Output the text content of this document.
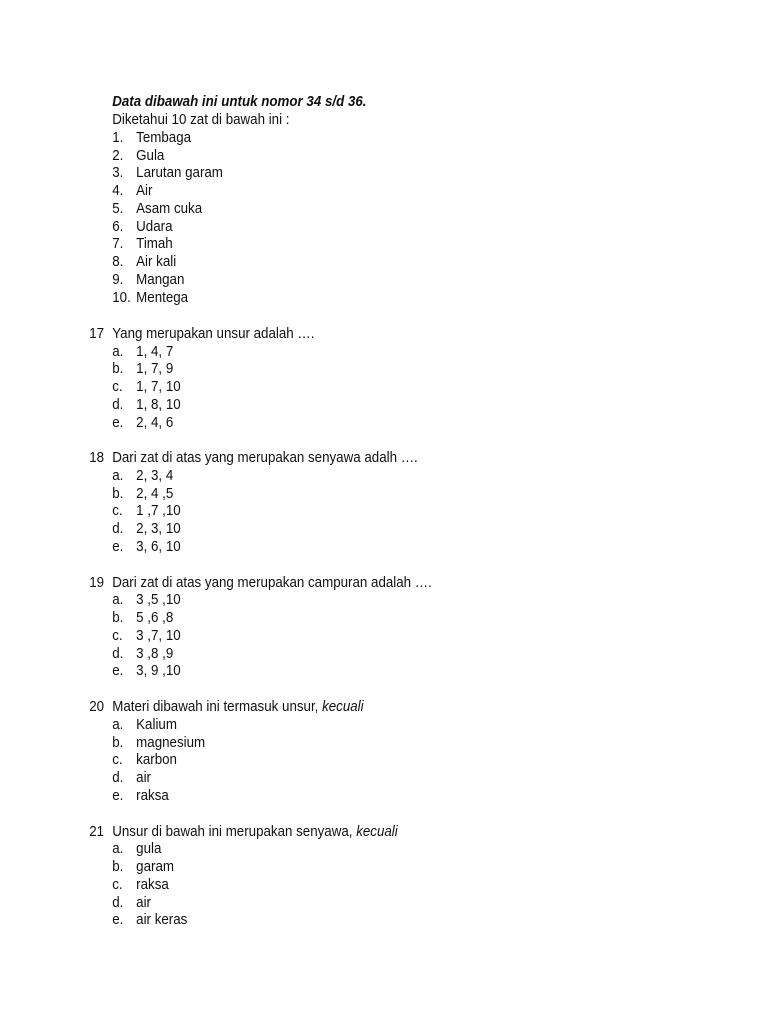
Data dibawah ini untuk nomor 34 s/d 36.
Diketahui 10 zat di bawah ini :
1. Tembaga
2. Gula
3. Larutan garam
4. Air
5. Asam cuka
6. Udara
7. Timah
8. Air kali
9. Mangan
10. Mentega
17 Yang merupakan unsur adalah ….
a. 1, 4, 7
b. 1, 7, 9
c. 1, 7, 10
d. 1, 8, 10
e. 2, 4, 6
18 Dari zat di atas yang merupakan senyawa adalh ….
a. 2, 3, 4
b. 2, 4 ,5
c. 1 ,7 ,10
d. 2, 3, 10
e. 3, 6, 10
19 Dari zat di atas yang merupakan campuran adalah ….
a. 3 ,5 ,10
b. 5 ,6 ,8
c. 3 ,7, 10
d. 3 ,8 ,9
e. 3, 9 ,10
20 Materi dibawah ini termasuk unsur, kecuali
a. Kalium
b. magnesium
c. karbon
d. air
e. raksa
21 Unsur di bawah ini merupakan senyawa, kecuali
a. gula
b. garam
c. raksa
d. air
e. air keras
